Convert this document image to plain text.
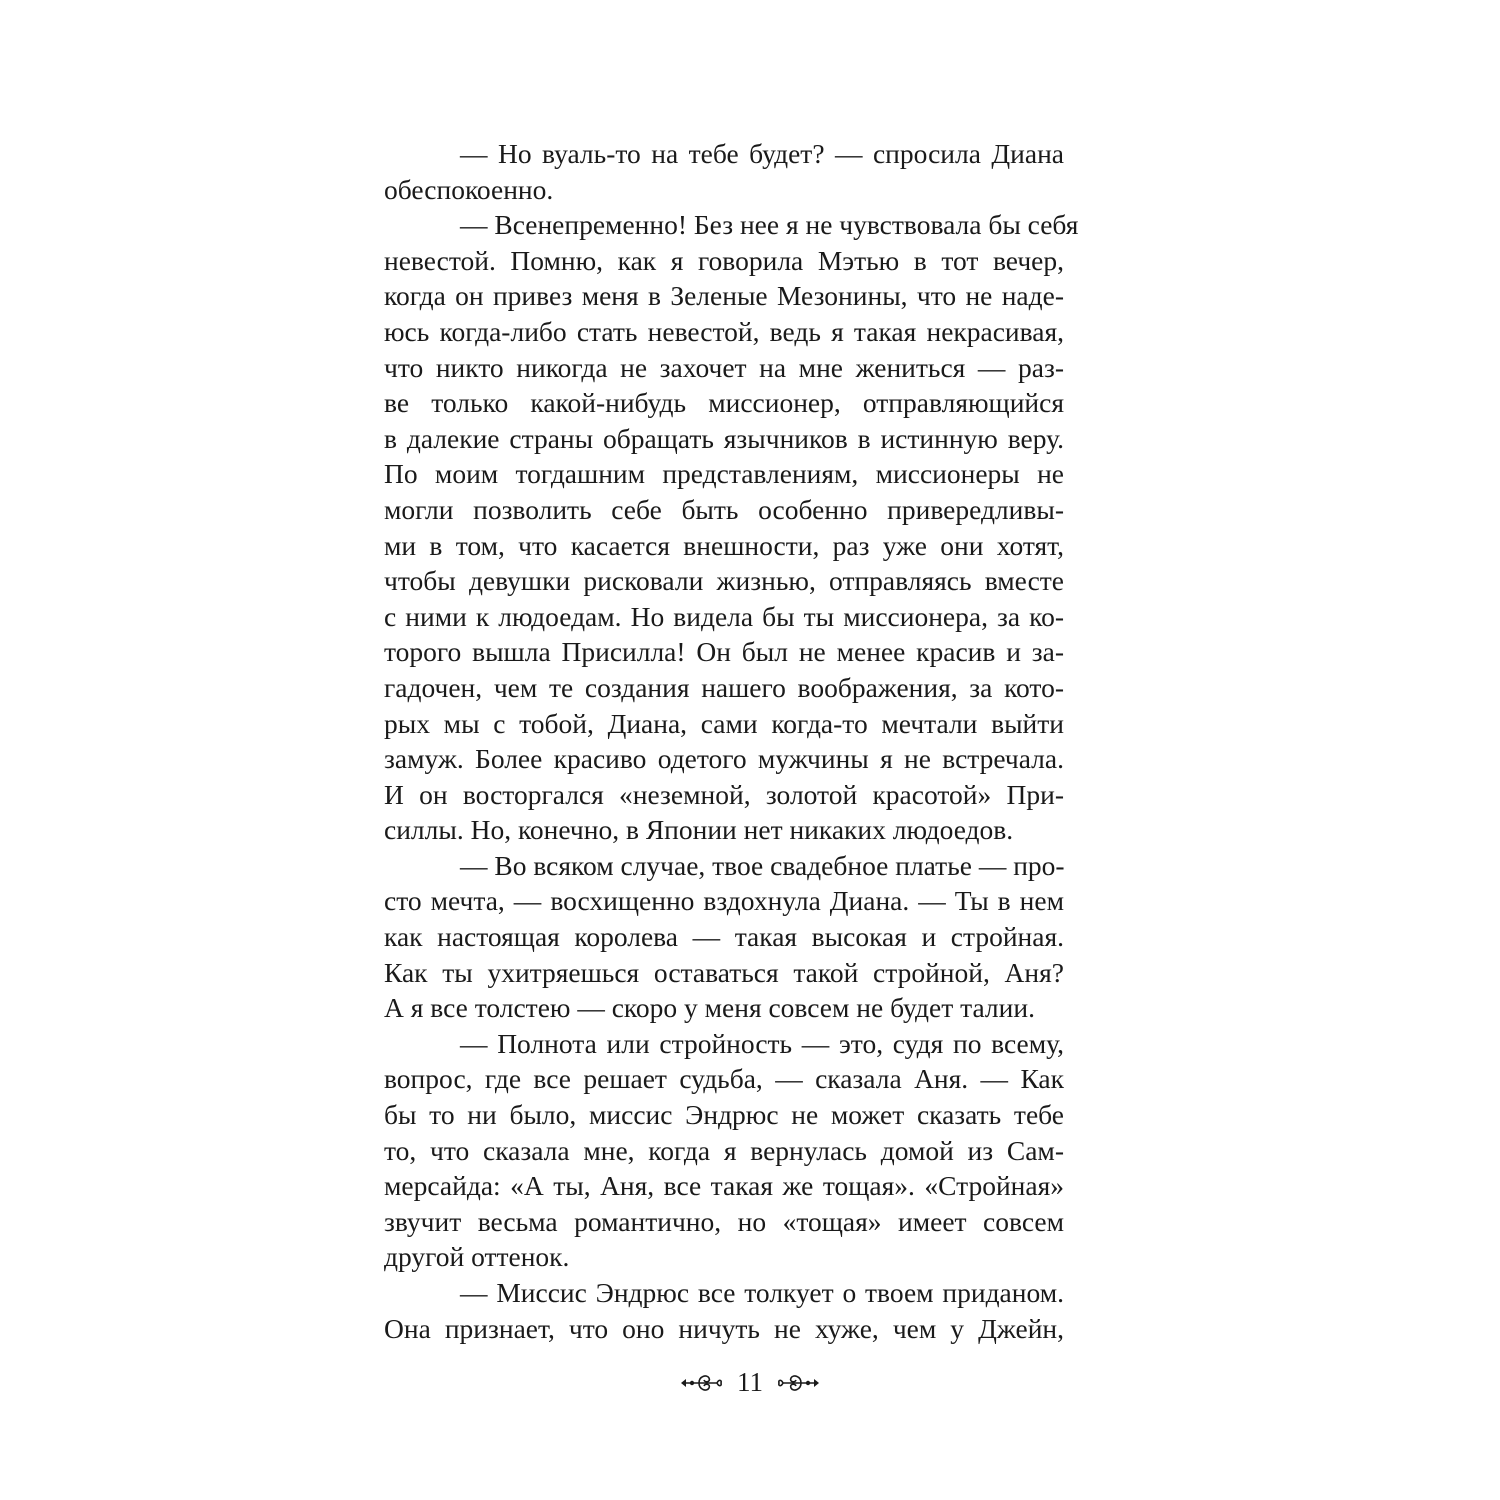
— Но вуаль-то на тебе будет? — спросила Диана
обеспокоенно.
— Всенепременно! Без нее я не чувствовала бы себя
невестой. Помню, как я говорила Мэтью в тот вечер,
когда он привез меня в Зеленые Мезонины, что не наде-
юсь когда-либо стать невестой, ведь я такая некрасивая,
что никто никогда не захочет на мне жениться — раз-
ве только какой-нибудь миссионер, отправляющийся
в далекие страны обращать язычников в истинную веру.
По моим тогдашним представлениям, миссионеры не
могли позволить себе быть особенно привередливы-
ми в том, что касается внешности, раз уже они хотят,
чтобы девушки рисковали жизнью, отправляясь вместе
с ними к людоедам. Но видела бы ты миссионера, за ко-
торого вышла Присилла! Он был не менее красив и за-
гадочен, чем те создания нашего воображения, за кото-
рых мы с тобой, Диана, сами когда-то мечтали выйти
замуж. Более красиво одетого мужчины я не встречала.
И он восторгался «неземной, золотой красотой» При-
силлы. Но, конечно, в Японии нет никаких людоедов.
— Во всяком случае, твое свадебное платье — про-
сто мечта, — восхищенно вздохнула Диана. — Ты в нем
как настоящая королева — такая высокая и стройная.
Как ты ухитряешься оставаться такой стройной, Аня?
А я все толстею — скоро у меня совсем не будет талии.
— Полнота или стройность — это, судя по всему,
вопрос, где все решает судьба, — сказала Аня. — Как
бы то ни было, миссис Эндрюс не может сказать тебе
то, что сказала мне, когда я вернулась домой из Сам-
мерсайда: «А ты, Аня, все такая же тощая». «Стройная»
звучит весьма романтично, но «тощая» имеет совсем
другой оттенок.
— Миссис Эндрюс все толкует о твоем приданом.
Она признает, что оно ничуть не хуже, чем у Джейн,
11
